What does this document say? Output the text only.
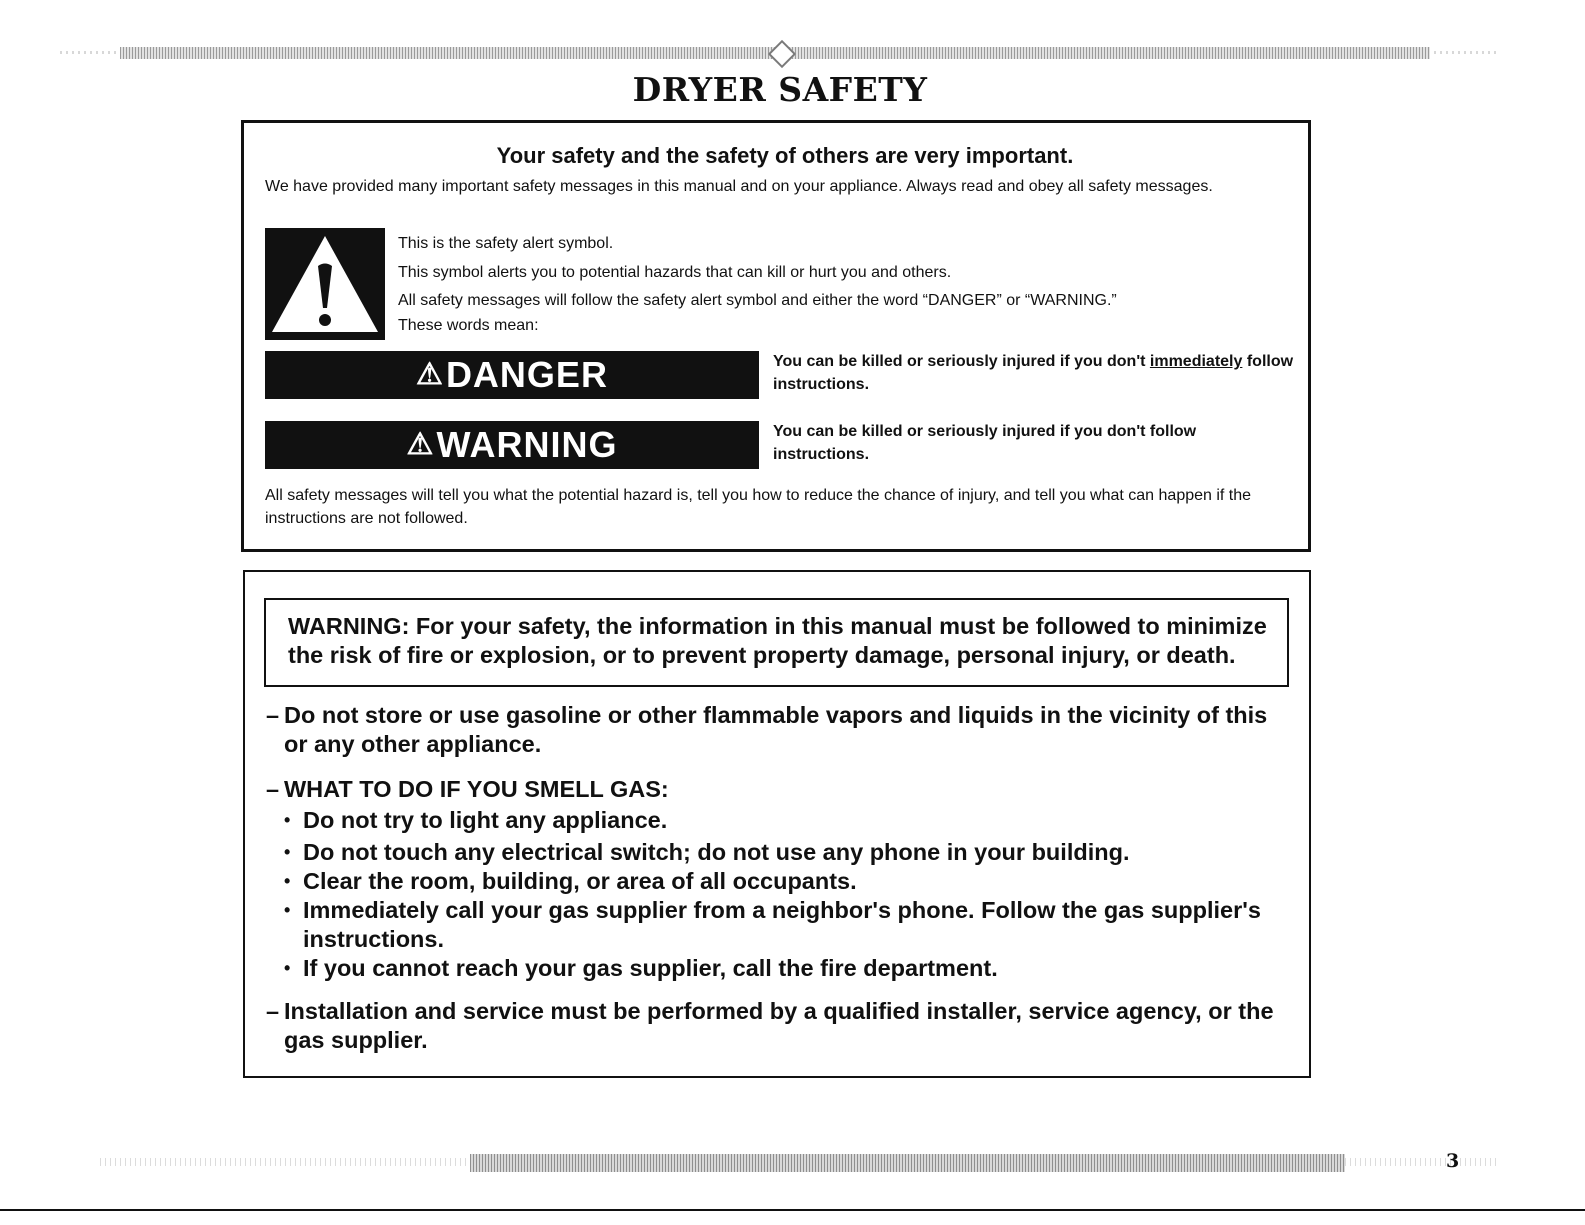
DRYER SAFETY
Your safety and the safety of others are very important.
We have provided many important safety messages in this manual and on your appliance. Always read and obey all safety messages.
This is the safety alert symbol.
This symbol alerts you to potential hazards that can kill or hurt you and others.
All safety messages will follow the safety alert symbol and either the word “DANGER” or “WARNING.”
These words mean:
⚠ DANGER	You can be killed or seriously injured if you don't immediately follow instructions.
⚠ WARNING	You can be killed or seriously injured if you don't follow instructions.
All safety messages will tell you what the potential hazard is, tell you how to reduce the chance of injury, and tell you what can happen if the instructions are not followed.
WARNING: For your safety, the information in this manual must be followed to minimize the risk of fire or explosion, or to prevent property damage, personal injury, or death.
– Do not store or use gasoline or other flammable vapors and liquids in the vicinity of this or any other appliance.
– WHAT TO DO IF YOU SMELL GAS:
• Do not try to light any appliance.
• Do not touch any electrical switch; do not use any phone in your building.
• Clear the room, building, or area of all occupants.
• Immediately call your gas supplier from a neighbor's phone. Follow the gas supplier's instructions.
• If you cannot reach your gas supplier, call the fire department.
– Installation and service must be performed by a qualified installer, service agency, or the gas supplier.
3
